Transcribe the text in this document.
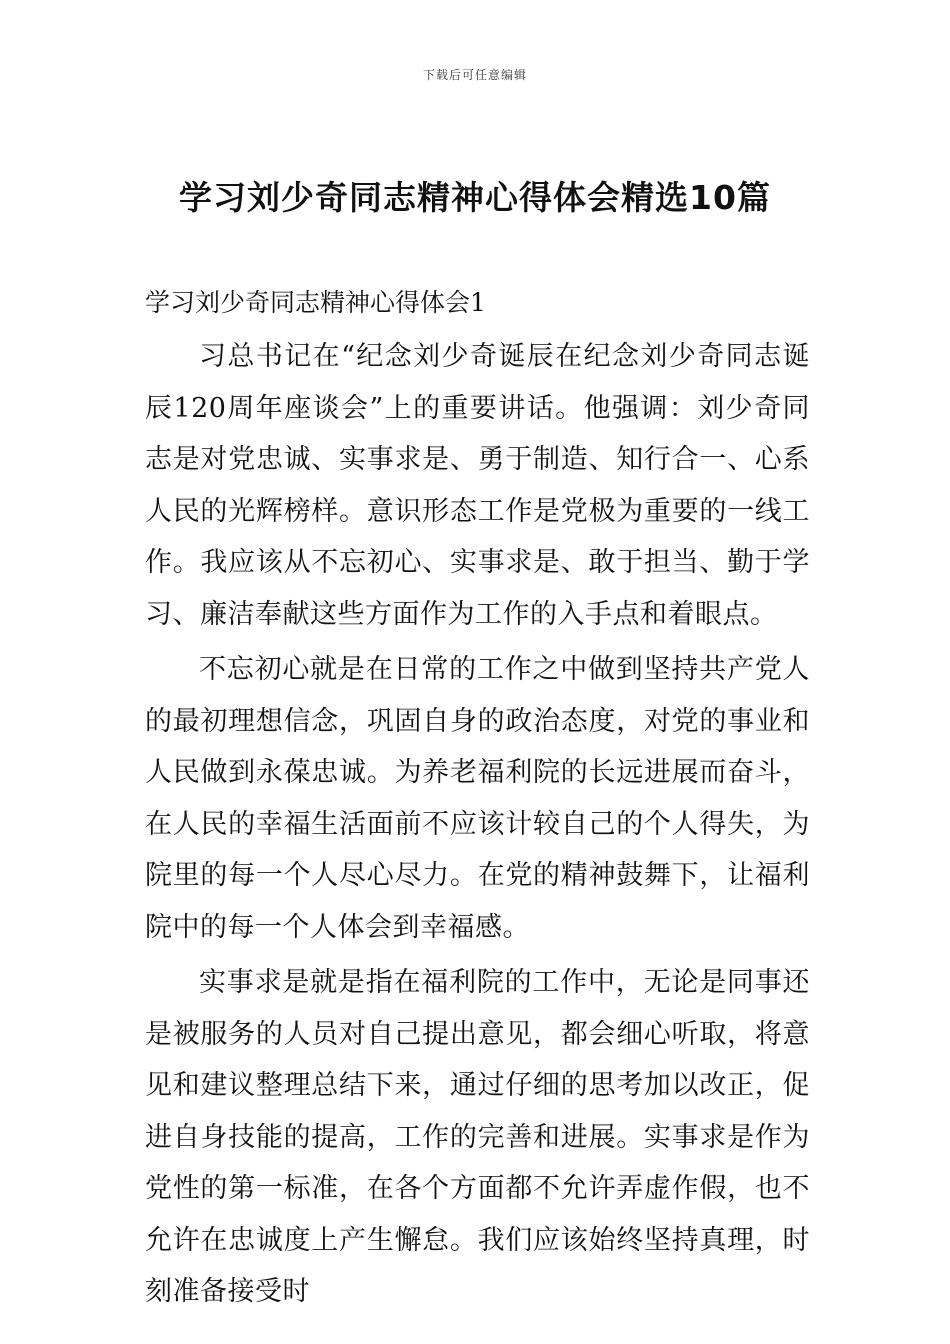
下载后可任意编辑
学习刘少奇同志精神心得体会精选10篇
学习刘少奇同志精神心得体会1

习总书记在“纪念刘少奇诞辰在纪念刘少奇同志诞辰120周年座谈会”上的重要讲话。他强调：刘少奇同志是对党忠诚、实事求是、勇于制造、知行合一、心系人民的光辉榜样。意识形态工作是党极为重要的一线工作。我应该从不忘初心、实事求是、敢于担当、勤于学习、廉洁奉献这些方面作为工作的入手点和着眼点。

不忘初心就是在日常的工作之中做到坚持共产党人的最初理想信念，巩固自身的政治态度，对党的事业和人民做到永葆忠诚。为养老福利院的长远进展而奋斗，在人民的幸福生活面前不应该计较自己的个人得失，为院里的每一个人尽心尽力。在党的精神鼓舞下，让福利院中的每一个人体会到幸福感。

实事求是就是指在福利院的工作中，无论是同事还是被服务的人员对自己提出意见，都会细心听取，将意见和建议整理总结下来，通过仔细的思考加以改正，促进自身技能的提高，工作的完善和进展。实事求是作为党性的第一标准，在各个方面都不允许弄虚作假，也不允许在忠诚度上产生懈怠。我们应该始终坚持真理，时刻准备接受时
